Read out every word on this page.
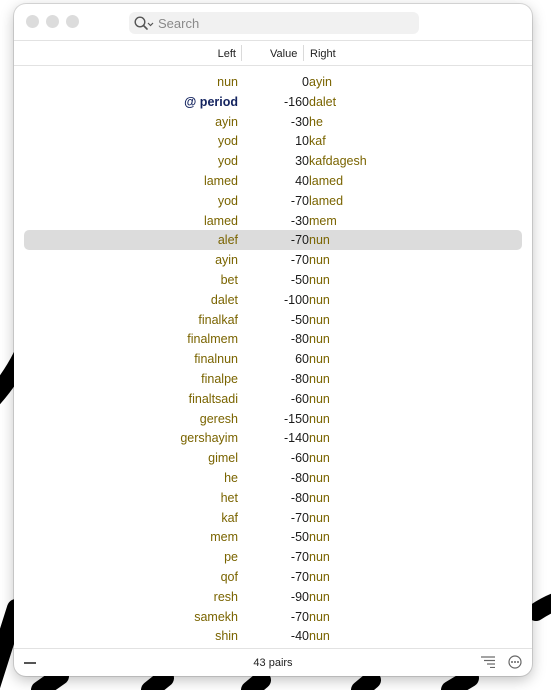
Search
Left	Value Right
nun	0 ayin
@ period	-160 dalet
ayin	-30 he
yod	10 kaf
yod	30 kafdagesh
lamed	40 lamed
yod	-70 lamed
lamed	-30 mem
alef	-70 nun
ayin	-70 nun
bet	-50 nun
dalet	-100 nun
finalkaf	-50 nun
finalmem	-80 nun
finalnun	60 nun
finalpe	-80 nun
finaltsadi	-60 nun
geresh	-150 nun
gershayim	-140 nun
gimel	-60 nun
he	-80 nun
het	-80 nun
kaf	-70 nun
mem	-50 nun
pe	-70 nun
qof	-70 nun
resh	-90 nun
samekh	-70 nun
shin	-40 nun
43 pairs
